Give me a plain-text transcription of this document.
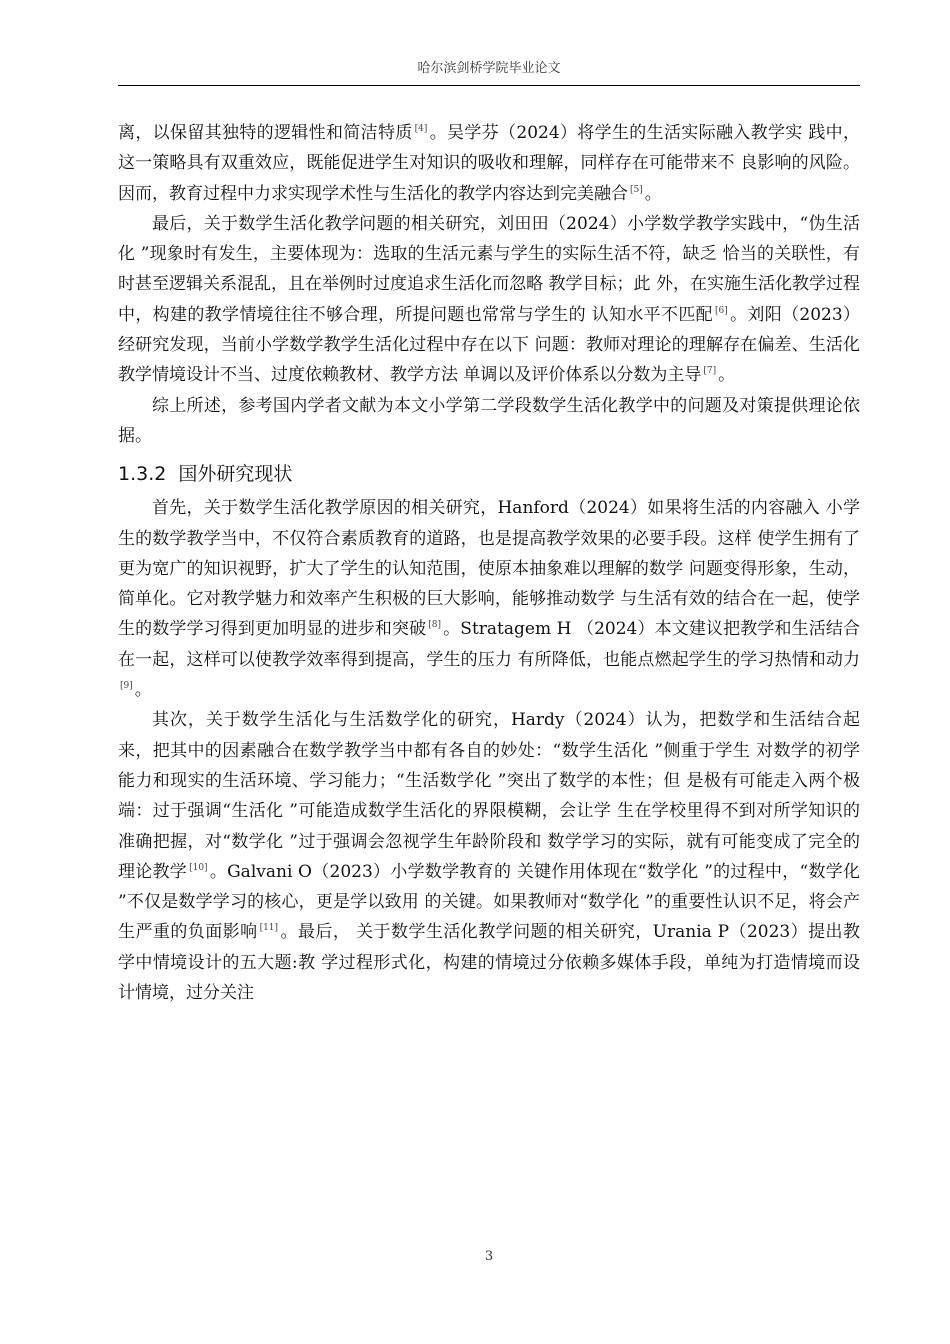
哈尔滨剑桥学院毕业论文

离，以保留其独特的逻辑性和简洁特质 [4] 。吴学芬（2024）将学生的生活实际融入教学实 践中，这一策略具有双重效应，既能促进学生对知识的吸收和理解，同样存在可能带来不 良影响的风险。因而，教育过程中力求实现学术性与生活化的教学内容达到完美融合 [5] 。

最后，关于数学生活化教学问题的相关研究，刘田田（2024）小学数学教学实践中，“伪生活化 ”现象时有发生，主要体现为：选取的生活元素与学生的实际生活不符，缺乏 恰当的关联性，有时甚至逻辑关系混乱，且在举例时过度追求生活化而忽略 教学目标；此 外，在实施生活化教学过程中，构建的教学情境往往不够合理，所提问题也常常与学生的 认知水平不匹配 [6] 。刘阳（2023）经研究发现，当前小学数学教学生活化过程中存在以下 问题：教师对理论的理解存在偏差、生活化教学情境设计不当、过度依赖教材、教学方法 单调以及评价体系以分数为主导 [7] 。

综上所述，参考国内学者文献为本文小学第二学段数学生活化教学中的问题及对策提供理论依据。

1.3.2 国外研究现状

首先，关于数学生活化教学原因的相关研究，Hanford（2024）如果将生活的内容融入 小学生的数学教学当中，不仅符合素质教育的道路，也是提高教学效果的必要手段。这样 使学生拥有了更为宽广的知识视野，扩大了学生的认知范围，使原本抽象难以理解的数学 问题变得形象，生动，简单化。它对教学魅力和效率产生积极的巨大影响，能够推动数学 与生活有效的结合在一起，使学生的数学学习得到更加明显的进步和突破 [8] 。Stratagem H （2024）本文建议把教学和生活结合在一起，这样可以使教学效率得到提高，学生的压力 有所降低，也能点燃起学生的学习热情和动力[9] 。

其次，关于数学生活化与生活数学化的研究，Hardy（2024）认为，把数学和生活结合起来，把其中的因素融合在数学教学当中都有各自的妙处：“数学生活化 ”侧重于学生 对数学的初学能力和现实的生活环境、学习能力；“生活数学化 ”突出了数学的本性；但 是极有可能走入两个极端：过于强调“生活化 ”可能造成数学生活化的界限模糊，会让学 生在学校里得不到对所学知识的准确把握，对“数学化 ”过于强调会忽视学生年龄阶段和 数学学习的实际，就有可能变成了完全的理论教学 [10] 。Galvani O（2023）小学数学教育的 关键作用体现在“数学化 ”的过程中，“数学化 ”不仅是数学学习的核心，更是学以致用 的关键。如果教师对“数学化 ”的重要性认识不足，将会产生严重的负面影响 [11] 。最后， 关于数学生活化教学问题的相关研究，Urania P（2023）提出教学中情境设计的五大题:教 学过程形式化，构建的情境过分依赖多媒体手段，单纯为打造情境而设计情境，过分关注

3
